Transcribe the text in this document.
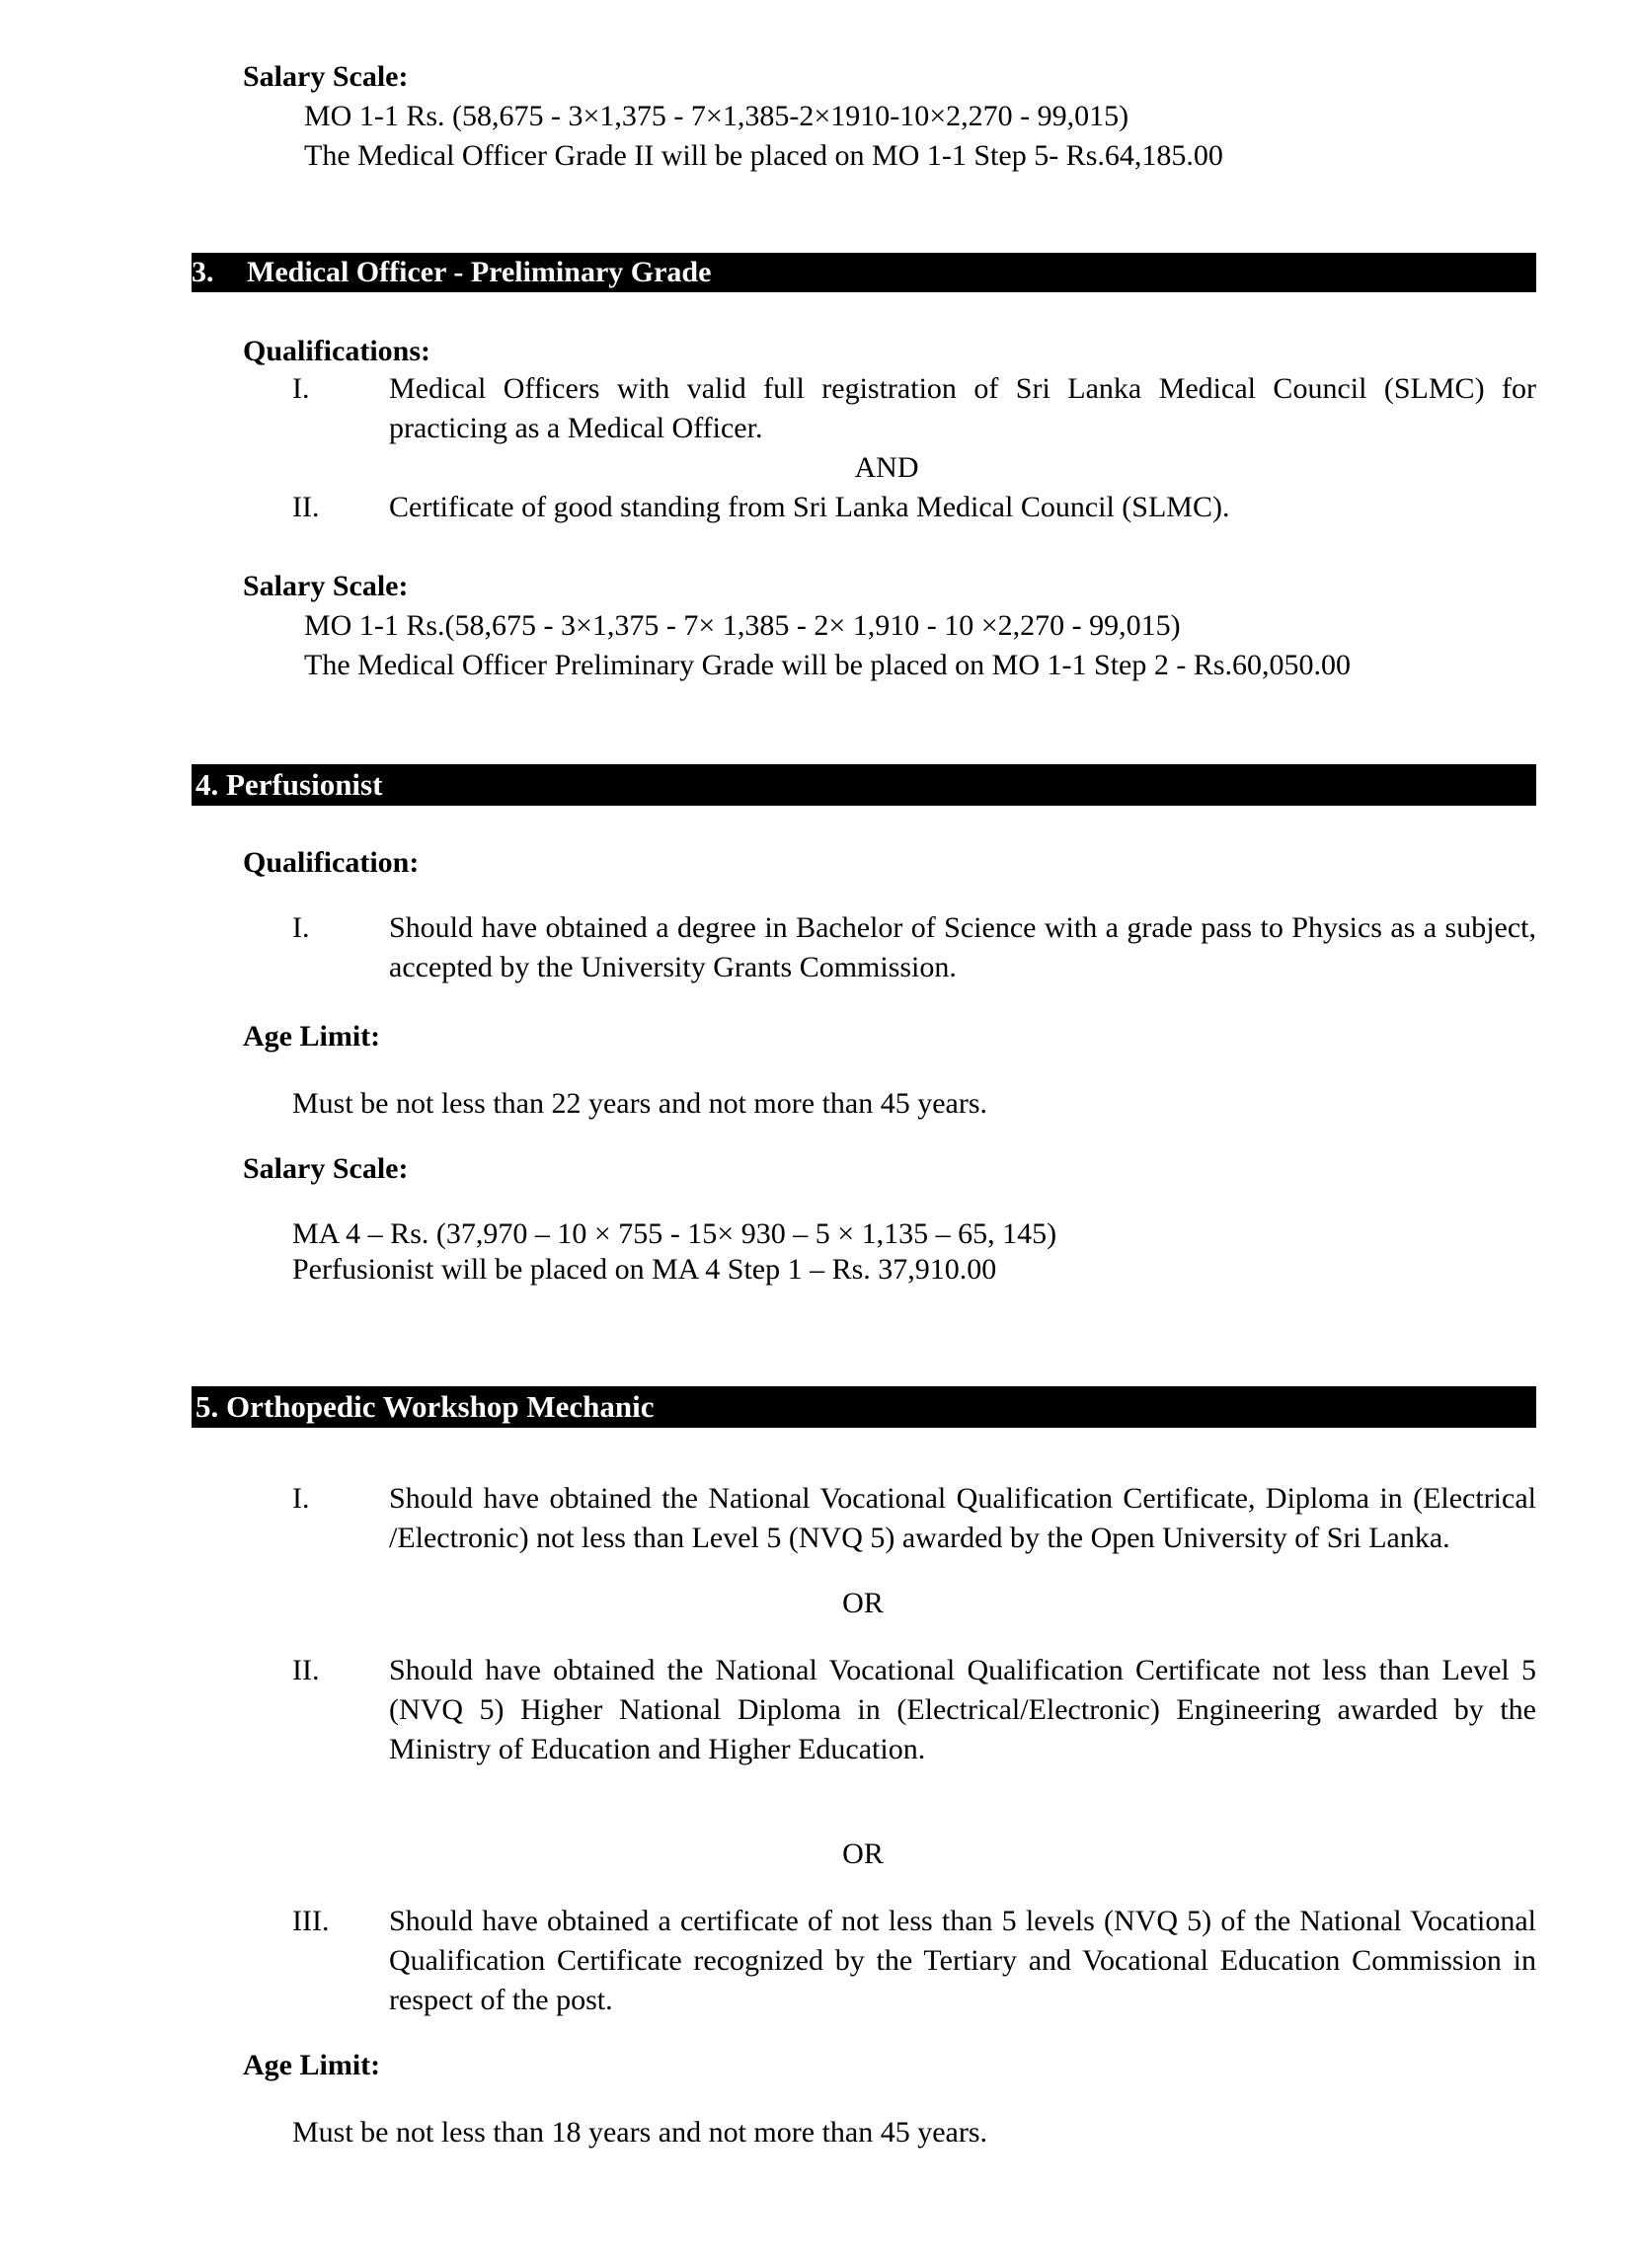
Salary Scale:
MO 1-1 Rs. (58,675 - 3×1,375 - 7×1,385-2×1910-10×2,270 - 99,015)
The Medical Officer Grade II will be placed on MO 1-1 Step 5- Rs.64,185.00
3. Medical Officer - Preliminary Grade
Qualifications:
I.	Medical Officers with valid full registration of Sri Lanka Medical Council (SLMC) for practicing as a Medical Officer.
AND
II. Certificate of good standing from Sri Lanka Medical Council (SLMC).
Salary Scale:
MO 1-1 Rs.(58,675 - 3×1,375 - 7× 1,385 - 2× 1,910 - 10 ×2,270 - 99,015)
The Medical Officer Preliminary Grade will be placed on MO 1-1 Step 2 - Rs.60,050.00
4. Perfusionist
Qualification:
I.	Should have obtained a degree in Bachelor of Science with a grade pass to Physics as a subject, accepted by the University Grants Commission.
Age Limit:
Must be not less than 22 years and not more than 45 years.
Salary Scale:
MA 4 – Rs. (37,970 – 10 × 755 - 15× 930 – 5 × 1,135 – 65, 145)
Perfusionist will be placed on MA 4 Step 1 – Rs. 37,910.00
5. Orthopedic Workshop Mechanic
I.	Should have obtained the National Vocational Qualification Certificate, Diploma in (Electrical /Electronic) not less than Level 5 (NVQ 5) awarded by the Open University of Sri Lanka.
OR
II. Should have obtained the National Vocational Qualification Certificate not less than Level 5 (NVQ 5) Higher National Diploma in (Electrical/Electronic) Engineering awarded by the Ministry of Education and Higher Education.
OR
III. Should have obtained a certificate of not less than 5 levels (NVQ 5) of the National Vocational Qualification Certificate recognized by the Tertiary and Vocational Education Commission in respect of the post.
Age Limit:
Must be not less than 18 years and not more than 45 years.
